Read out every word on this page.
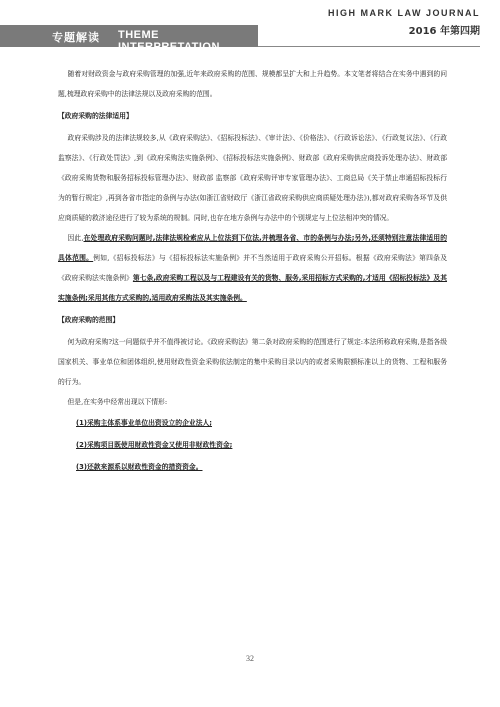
专题解读 THEME INTERPRETATION
HIGH MARK LAW JOURNAL
2016 年第四期

随着对财政资金与政府采购管理的加强,近年来政府采购的范围、规模都呈扩大和上升趋势。本文笔者将结合在实务中遇到的问题,梳理政府采购中的法律法规以及政府采购的范围。

【政府采购的法律适用】

政府采购涉及的法律法规较多,从《政府采购法》、《招标投标法》、《审计法》、《价格法》、《行政诉讼法》、《行政复议法》、《行政监察法》、《行政处罚法》,到《政府采购法实施条例》、《招标投标法实施条例》、财政部《政府采购供应商投诉处理办法》、财政部《政府采购货物和服务招标投标管理办法》、财政部 监察部《政府采购评审专家管理办法》、工商总局《关于禁止串通招标投标行为的暂行规定》,再到各省市指定的条例与办法(如浙江省财政厅《浙江省政府采购供应商质疑处理办法》),都对政府采购各环节及供应商质疑的救济途径进行了较为系统的规制。同时,也存在地方条例与办法中的个别规定与上位法相冲突的情况。

因此,在处理政府采购问题时,法律法规检索应从上位法到下位法,并梳理各省、市的条例与办法;另外,还须特别注意法律适用的具体范围。例如,《招标投标法》与《招标投标法实施条例》并不当然适用于政府采购公开招标。根据《政府采购法》第四条及《政府采购法实施条例》第七条,政府采购工程以及与工程建设有关的货物、服务,采用招标方式采购的,才适用《招标投标法》及其实施条例;采用其他方式采购的,适用政府采购法及其实施条例。

【政府采购的范围】

何为政府采购?这一问题似乎并不值得被讨论。《政府采购法》第二条对政府采购的范围进行了规定:本法所称政府采购,是指各级国家机关、事业单位和团体组织,使用财政性资金采购依法制定的集中采购目录以内的或者采购限额标准以上的货物、工程和服务的行为。

但是,在实务中经常出现以下情形:

(1)采购主体系事业单位出资设立的企业法人;
(2)采购项目既使用财政性资金又使用非财政性资金;
(3)还款来源系以财政性资金的措资资金。
32
